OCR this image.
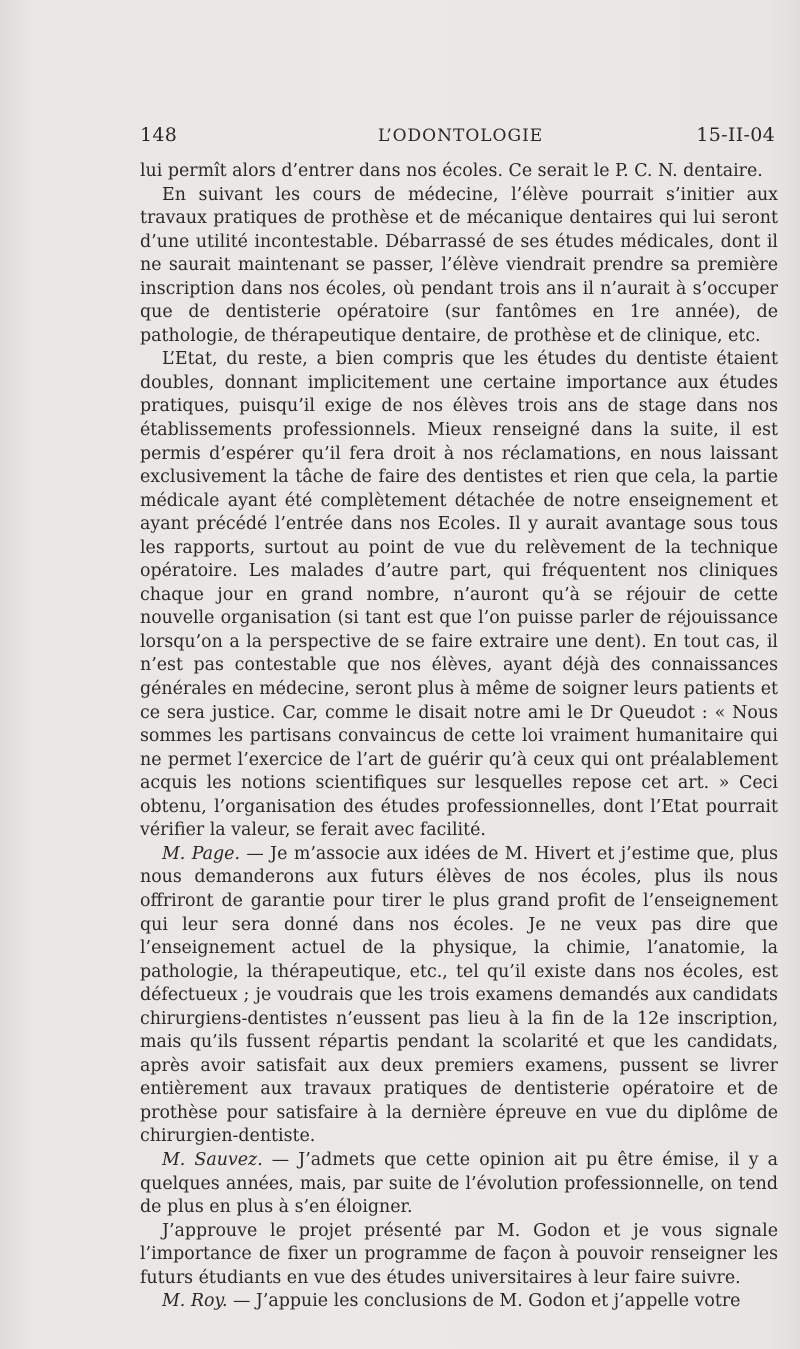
148	L’ODONTOLOGIE	15-II-04

lui permît alors d’entrer dans nos écoles. Ce serait le P. C. N. dentaire.

En suivant les cours de médecine, l’élève pourrait s’initier aux travaux pratiques de prothèse et de mécanique dentaires qui lui seront d’une utilité incontestable. Débarrassé de ses études médicales, dont il ne saurait maintenant se passer, l’élève viendrait prendre sa première inscription dans nos écoles, où pendant trois ans il n’aurait à s’occuper que de dentisterie opératoire (sur fantômes en 1re année), de pathologie, de thérapeutique dentaire, de prothèse et de clinique, etc.

L’Etat, du reste, a bien compris que les études du dentiste étaient doubles, donnant implicitement une certaine importance aux études pratiques, puisqu’il exige de nos élèves trois ans de stage dans nos établissements professionnels. Mieux renseigné dans la suite, il est permis d’espérer qu’il fera droit à nos réclamations, en nous laissant exclusivement la tâche de faire des dentistes et rien que cela, la partie médicale ayant été complètement détachée de notre enseignement et ayant précédé l’entrée dans nos Ecoles. Il y aurait avantage sous tous les rapports, surtout au point de vue du relèvement de la technique opératoire. Les malades d’autre part, qui fréquentent nos cliniques chaque jour en grand nombre, n’auront qu’à se réjouir de cette nouvelle organisation (si tant est que l’on puisse parler de réjouissance lorsqu’on a la perspective de se faire extraire une dent). En tout cas, il n’est pas contestable que nos élèves, ayant déjà des connaissances générales en médecine, seront plus à même de soigner leurs patients et ce sera justice. Car, comme le disait notre ami le Dr Queudot : « Nous sommes les partisans convaincus de cette loi vraiment humanitaire qui ne permet l’exercice de l’art de guérir qu’à ceux qui ont préalablement acquis les notions scientifiques sur lesquelles repose cet art. » Ceci obtenu, l’organisation des études professionnelles, dont l’Etat pourrait vérifier la valeur, se ferait avec facilité.

M. Page. — Je m’associe aux idées de M. Hivert et j’estime que, plus nous demanderons aux futurs élèves de nos écoles, plus ils nous offriront de garantie pour tirer le plus grand profit de l’enseignement qui leur sera donné dans nos écoles. Je ne veux pas dire que l’enseignement actuel de la physique, la chimie, l’anatomie, la pathologie, la thérapeutique, etc., tel qu’il existe dans nos écoles, est défectueux ; je voudrais que les trois examens demandés aux candidats chirurgiens-dentistes n’eussent pas lieu à la fin de la 12e inscription, mais qu’ils fussent répartis pendant la scolarité et que les candidats, après avoir satisfait aux deux premiers examens, pussent se livrer entièrement aux travaux pratiques de dentisterie opératoire et de prothèse pour satisfaire à la dernière épreuve en vue du diplôme de chirurgien-dentiste.

M. Sauvez. — J’admets que cette opinion ait pu être émise, il y a quelques années, mais, par suite de l’évolution professionnelle, on tend de plus en plus à s’en éloigner.

J’approuve le projet présenté par M. Godon et je vous signale l’importance de fixer un programme de façon à pouvoir renseigner les futurs étudiants en vue des études universitaires à leur faire suivre.

M. Roy. — J’appuie les conclusions de M. Godon et j’appelle votre
